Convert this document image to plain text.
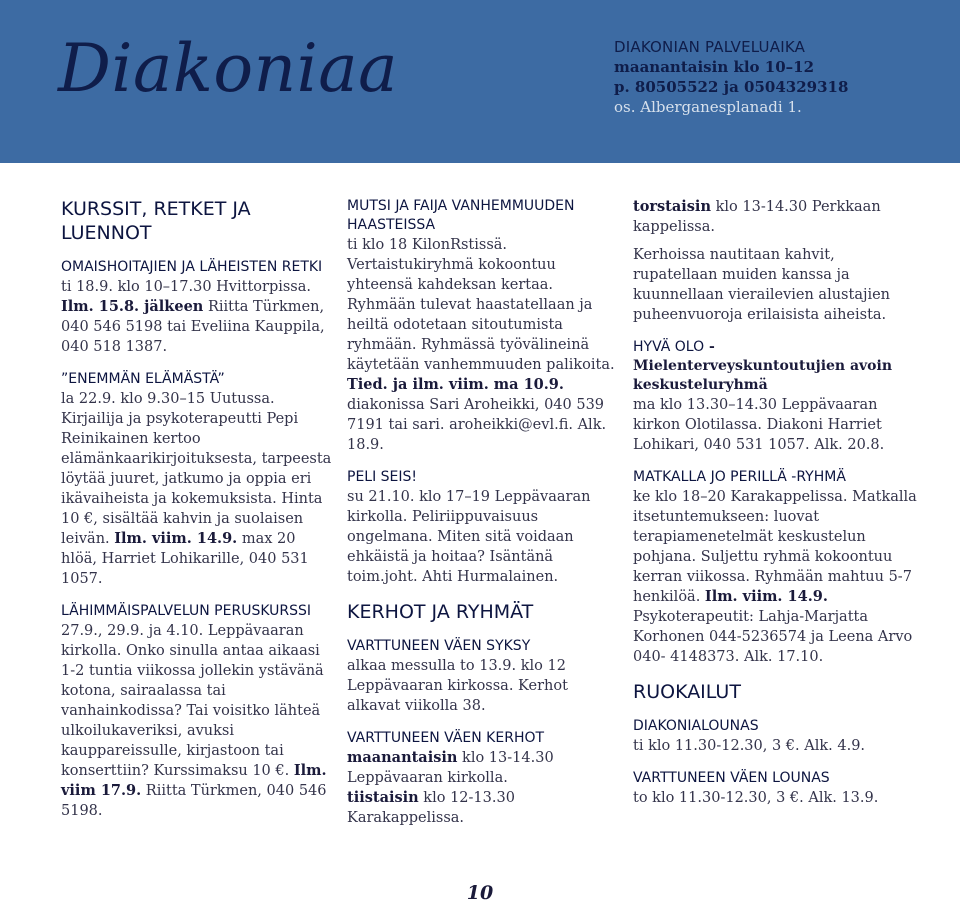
Diakoniaa	DIAKONIAN PALVELUAIKA
maanantaisin klo 10–12
p. 80505522 ja 0504329318
os. Alberganesplanadi 1.
KURSSIT, RETKET JA LUENNOT
OMAISHOITAJIEN JA LÄHEISTEN RETKI

ti 18.9. klo 10–17.30 Hvittorpissa.

Ilm. 15.8. jälkeen Riitta Türkmen, 040 546 5198 tai Eveliina Kauppila, 040 518 1387.

”ENEMMÄN ELÄMÄSTÄ”

la 22.9. klo 9.30–15 Uutussa.

Kirjailija ja psykoterapeutti Pepi Reinikainen kertoo elämänkaarikirjoituksesta, tarpeesta löytää juuret, jatkumo ja oppia eri ikävaiheista ja kokemuksista. Hinta 10 €, sisältää kahvin ja suolaisen leivän. Ilm. viim. 14.9. max 20 hlöä, Harriet Lohikarille, 040 531 1057.

LÄHIMMÄISPALVELUN PERUSKURSSI

27.9., 29.9. ja 4.10. Leppävaaran kirkolla. Onko sinulla antaa aikaasi 1-2 tuntia viikossa jollekin ystävänä kotona, sairaalassa tai vanhainkodissa? Tai voisitko lähteä ulkoilukaveriksi, avuksi kauppareissulle, kirjastoon tai konserttiin? Kurssimaksu 10 €. Ilm. viim 17.9. Riitta Türkmen, 040 546 5198.

MUTSI JA FAIJA VANHEMMUUDEN HAASTEISSA

ti klo 18 KilonRstissä. Vertaistukiryhmä kokoontuu yhteensä kahdeksan kertaa. Ryhmään tulevat haastatellaan ja heiltä odotetaan sitoutumista ryhmään. Ryhmässä työvälineinä käytetään vanhemmuuden palikoita. Tied. ja ilm. viim. ma 10.9. diakonissa Sari Aroheikki, 040 539 7191 tai sari. aroheikki@evl.fi. Alk. 18.9.

PELI SEIS!

su 21.10. klo 17–19 Leppävaaran kirkolla. Peliriippuvaisuus ongelmana. Miten sitä voidaan ehkäistä ja hoitaa? Isäntänä toim.joht. Ahti Hurmalainen.

KERHOT JA RYHMÄT
VARTTUNEEN VÄEN SYKSY

alkaa messulla to 13.9. klo 12 Leppävaaran kirkossa. Kerhot alkavat viikolla 38.

VARTTUNEEN VÄEN KERHOT

maanantaisin klo 13-14.30 Leppävaaran kirkolla.

tiistaisin klo 12-13.30 Karakappelissa.

torstaisin klo 13-14.30 Perkkaan kappelissa.

Kerhoissa nautitaan kahvit, rupatellaan muiden kanssa ja kuunnellaan vierailevien alustajien puheenvuoroja erilaisista aiheista.

HYVÄ OLO - Mielenterveyskuntoutujien avoin keskusteluryhmä

ma klo 13.30–14.30 Leppävaaran kirkon Olotilassa. Diakoni Harriet Lohikari, 040 531 1057. Alk. 20.8.

MATKALLA JO PERILLÄ -RYHMÄ

ke klo 18–20 Karakappelissa. Matkalla itsetuntemukseen: luovat terapiamenetelmät keskustelun pohjana. Suljettu ryhmä kokoontuu kerran viikossa. Ryhmään mahtuu 5-7 henkilöä. Ilm. viim. 14.9. Psykoterapeutit: Lahja-Marjatta Korhonen 044-5236574 ja Leena Arvo 040- 4148373. Alk. 17.10.

RUOKAILUT
DIAKONIALOUNAS

ti klo 11.30-12.30, 3 €. Alk. 4.9.

VARTTUNEEN VÄEN LOUNAS

to klo 11.30-12.30, 3 €. Alk. 13.9.

10
